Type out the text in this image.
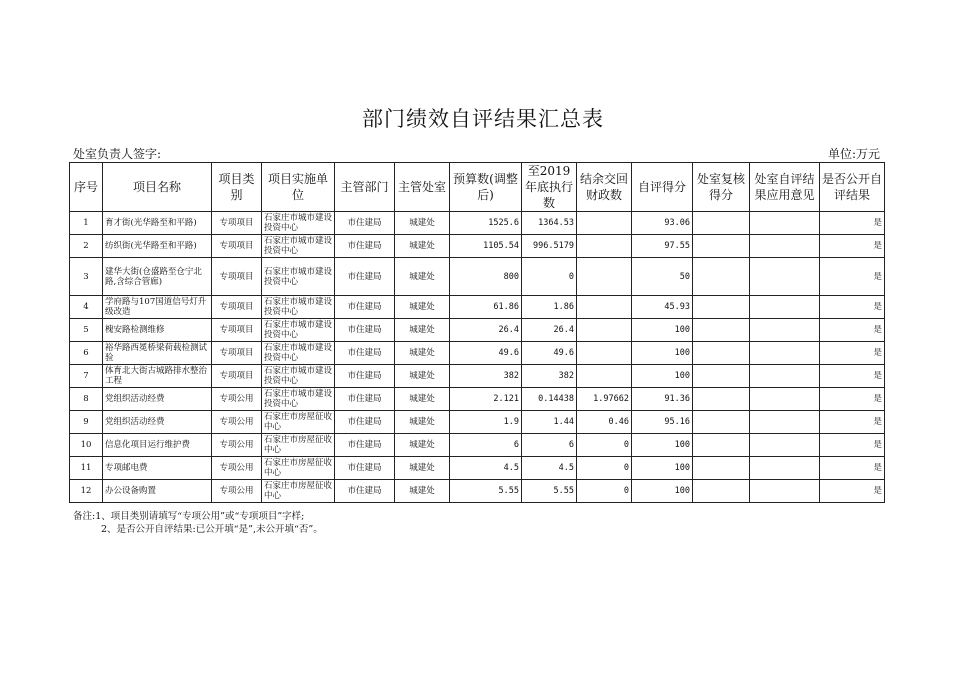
部门绩效自评结果汇总表
处室负责人签字:	单位:万元
序号	项目名称	项目类别	项目实施单位	主管部门	主管处室	预算数(调整后)	至2019年底执行数	结余交回财政数	自评得分	处室复核得分	处室自评结果应用意见	是否公开自评结果
1	育才街(光华路至和平路)	专项项目	石家庄市城市建设投资中心	市住建局	城建处	1525.6	1364.53		93.06			是
2	纺织街(光华路至和平路)	专项项目	石家庄市城市建设投资中心	市住建局	城建处	1105.54	996.5179		97.55			是
3	建华大街(仓盛路至仓宁北路,含综合管廊)	专项项目	石家庄市城市建设投资中心	市住建局	城建处	800	0		50			是
4	学府路与107国道信号灯升级改造	专项项目	石家庄市城市建设投资中心	市住建局	城建处	61.86	1.86		45.93			是
5	槐安路检测维修	专项项目	石家庄市城市建设投资中心	市住建局	城建处	26.4	26.4		100			是
6	裕华路西冕桥梁荷载检测试验	专项项目	石家庄市城市建设投资中心	市住建局	城建处	49.6	49.6		100			是
7	体育北大街古城路排水整治工程	专项项目	石家庄市城市建设投资中心	市住建局	城建处	382	382		100			是
8	党组织活动经费	专项公用	石家庄市城市建设投资中心	市住建局	城建处	2.121	0.14438	1.97662	91.36			是
9	党组织活动经费	专项公用	石家庄市房屋征收中心	市住建局	城建处	1.9	1.44	0.46	95.16			是
10	信息化项目运行维护费	专项公用	石家庄市房屋征收中心	市住建局	城建处	6	6	0	100			是
11	专项邮电费	专项公用	石家庄市房屋征收中心	市住建局	城建处	4.5	4.5	0	100			是
12	办公设备购置	专项公用	石家庄市房屋征收中心	市住建局	城建处	5.55	5.55	0	100			是
备注:1、项目类别请填写“专项公用”或“专项项目”字样;
2、是否公开自评结果:已公开填“是”,未公开填“否”。
